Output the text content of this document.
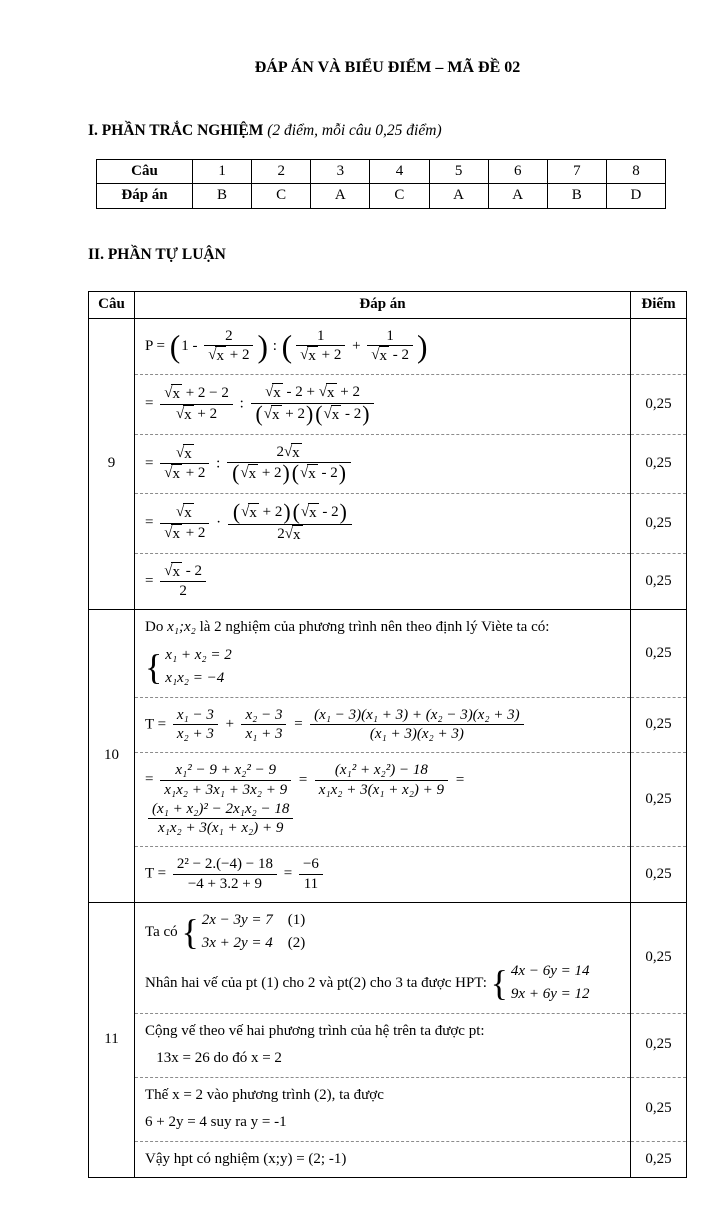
ĐÁP ÁN VÀ BIỂU ĐIỂM – MÃ ĐỀ 02
I. PHẦN TRẮC NGHIỆM (2 điểm, mỗi câu 0,25 điểm)
Câu	1	2	3	4	5	6	7	8
Đáp án	B	C	A	C	A	A	B	D
II. PHẦN TỰ LUẬN
Câu	Đáp án	Điểm
9	
P = ( $1 - \frac{2}{√ x + 2}$ ) : ( $\frac{1}{√ x + 2} + \frac{1}{√ x - 2}$ )

= $\frac{√ x + 2 - 2}{√ x + 2}$ : $\frac{√ x - 2 + √ x + 2}{( √ x + 2 ) ( √ x - 2 )}$	0,25

= $\frac{√ x}{√ x + 2}$ : $\frac{2 √ x}{( √ x + 2 ) ( √ x - 2 )}$	0,25

= $\frac{√ x}{√ x + 2} \cdot \frac{( √ x + 2 ) ( √ x - 2 )}{2 √ x}$	0,25

	= $\frac{√ x - 2}{2}$	0,25
10	Do x₁;x₂ là 2 nghiệm của phương trình nên theo định lý Viète ta có:
{ x₁ + x₂ = 2
x₁x₂ = −4	0,25

$T = \frac{\text{x₁ − 3}}{\text{x₂ + 3}} + \frac{\text{x₂ − 3}}{\text{x₁ + 3}} = \frac{\text{(x₁ − 3)(x₁ + 3) + (x₂ − 3)(x₂ + 3)}}{\text{(x₁ + 3)(x₂ + 3)}}$	0,25

= $\frac{\text{x₁² − 9 + x₂² − 9}}{\text{x₁x₂ + 3x₁ + 3x₂ + 9}} = \frac{\text{(x₁² + x₂²) − 18}}{\text{x₁x₂ + 3(x₁ + x₂) + 9}}$ =
$\frac{\text{(x₁ + x₂)² − 2x₁x₂ − 18}}{\text{x₁x₂ + 3(x₁ + x₂) + 9}}$
	0,25

$T = \frac{\text{2² − 2.(−4) − 18}}{-4 + 3.2 + 9} = \frac{-6}{11}$	0,25
11	
Ta có { 2x − 3y = 7 (1)
3x + 2y = 4 (2)
Nhân hai vế của pt (1) cho 2 và pt(2) cho 3 ta được HPT: { 4x − 6y = 14
9x + 6y = 12
	0,25

	Cộng vế theo vế hai phương trình của hệ trên ta được pt:
  13x = 26 do đó x = 2	0,25

	Thế x = 2 vào phương trình (2), ta được
6 + 2y = 4 suy ra y = -1	0,25

	Vậy hpt có nghiệm (x;y) = (2; -1)	0,25
